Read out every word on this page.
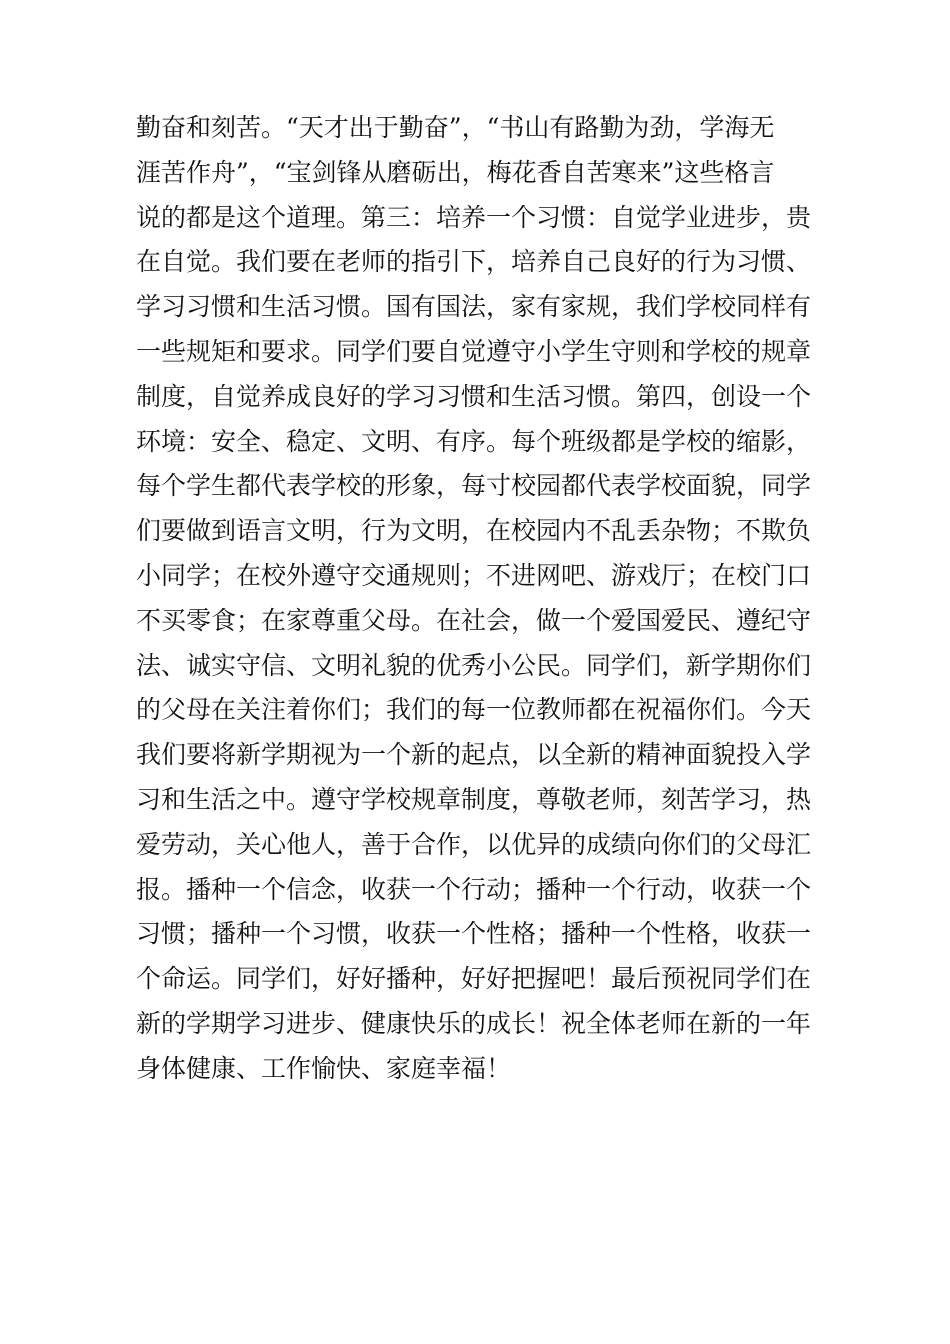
勤奋和刻苦。“天才出于勤奋”，“书山有路勤为劲，学海无
涯苦作舟”，“宝剑锋从磨砺出，梅花香自苦寒来”这些格言
说的都是这个道理。第三：培养一个习惯：自觉学业进步，贵
在自觉。我们要在老师的指引下，培养自己良好的行为习惯、
学习习惯和生活习惯。国有国法，家有家规，我们学校同样有
一些规矩和要求。同学们要自觉遵守小学生守则和学校的规章
制度，自觉养成良好的学习习惯和生活习惯。第四，创设一个
环境：安全、稳定、文明、有序。每个班级都是学校的缩影，
每个学生都代表学校的形象，每寸校园都代表学校面貌，同学
们要做到语言文明，行为文明，在校园内不乱丢杂物；不欺负
小同学；在校外遵守交通规则；不进网吧、游戏厅；在校门口
不买零食；在家尊重父母。在社会，做一个爱国爱民、遵纪守
法、诚实守信、文明礼貌的优秀小公民。同学们，新学期你们
的父母在关注着你们；我们的每一位教师都在祝福你们。今天
我们要将新学期视为一个新的起点，以全新的精神面貌投入学
习和生活之中。遵守学校规章制度，尊敬老师，刻苦学习，热
爱劳动，关心他人，善于合作，以优异的成绩向你们的父母汇
报。播种一个信念，收获一个行动；播种一个行动，收获一个
习惯；播种一个习惯，收获一个性格；播种一个性格，收获一
个命运。同学们，好好播种，好好把握吧！最后预祝同学们在
新的学期学习进步、健康快乐的成长！祝全体老师在新的一年
身体健康、工作愉快、家庭幸福！
